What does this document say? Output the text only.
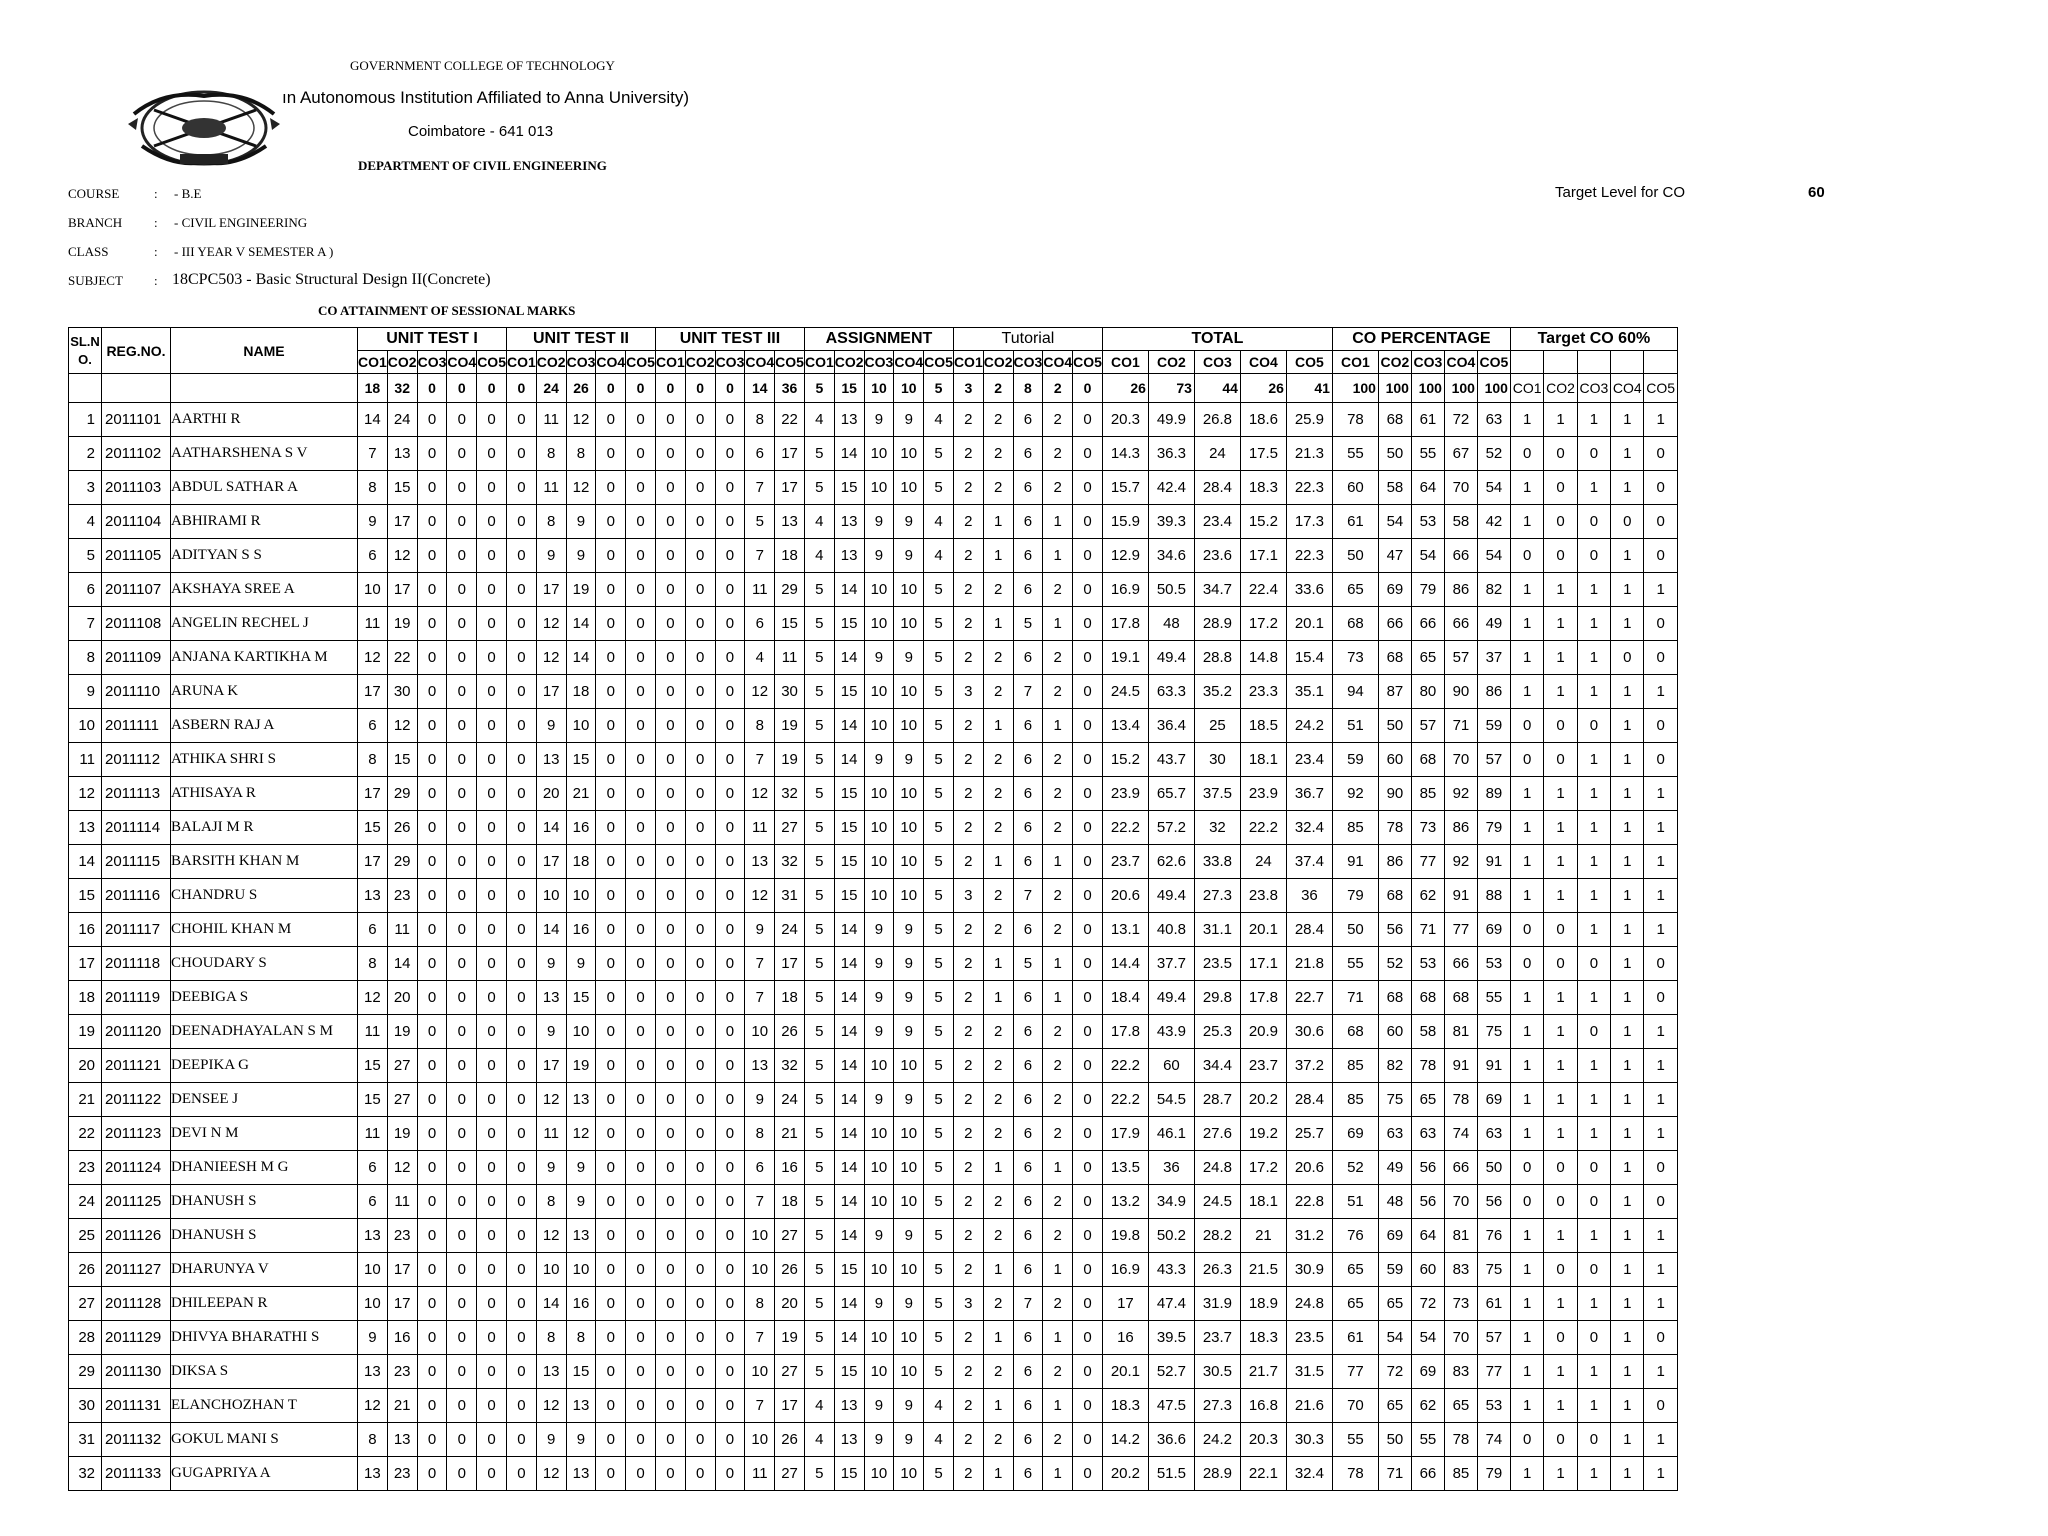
GOVERNMENT COLLEGE OF TECHNOLOGY
ın Autonomous Institution Affiliated to Anna University)
Coimbatore - 641 013
DEPARTMENT OF CIVIL ENGINEERING
COURSE	: - B.E
BRANCH : - CIVIL ENGINEERING
CLASS	: - III YEAR V SEMESTER A )
SUBJECT : 18CPC503 - Basic Structural Design II(Concrete)
CO ATTAINMENT OF SESSIONAL MARKS
Target Level for CO	60
SL.N O.	REG.NO.	NAME	UNIT TEST I					UNIT TEST II					UNIT TEST III					ASSIGNMENT					Tutorial					TOTAL					CO PERCENTAGE					Target CO 60%				
			CO1	CO2	CO3	CO4	CO5	CO1	CO2	CO3	CO4	CO5	CO1	CO2	CO3	CO4	CO5	CO1	CO2	CO3	CO4	CO5	CO1	CO2	CO3	CO4	CO5	CO1	CO2	CO3	CO4	CO5	CO1	CO2	CO3	CO4	CO5					
			18	32	0	0	0	0	24	26	0	0	0	0	0	14	36	5	15	10	10	5	3	2	8	2	0	26	73	44	26	41	100	100	100	100	100	CO1	CO2	CO3	CO4	CO5
1	2011101	AARTHI R	14	24	0	0	0	0	11	12	0	0	0	0	0	8	22	4	13	9	9	4	2	2	6	2	0	20.3	49.9	26.8	18.6	25.9	78	68	61	72	63	1	1	1	1	1
2	2011102	AATHARSHENA S V	7	13	0	0	0	0	8	8	0	0	0	0	0	6	17	5	14	10	10	5	2	2	6	2	0	14.3	36.3	24	17.5	21.3	55	50	55	67	52	0	0	0	1	0
3	2011103	ABDUL SATHAR A	8	15	0	0	0	0	11	12	0	0	0	0	0	7	17	5	15	10	10	5	2	2	6	2	0	15.7	42.4	28.4	18.3	22.3	60	58	64	70	54	1	0	1	1	0
4	2011104	ABHIRAMI R	9	17	0	0	0	0	8	9	0	0	0	0	0	5	13	4	13	9	9	4	2	1	6	1	0	15.9	39.3	23.4	15.2	17.3	61	54	53	58	42	1	0	0	0	0
5	2011105	ADITYAN S S	6	12	0	0	0	0	9	9	0	0	0	0	0	7	18	4	13	9	9	4	2	1	6	1	0	12.9	34.6	23.6	17.1	22.3	50	47	54	66	54	0	0	0	1	0
6	2011107	AKSHAYA SREE A	10	17	0	0	0	0	17	19	0	0	0	0	0	11	29	5	14	10	10	5	2	2	6	2	0	16.9	50.5	34.7	22.4	33.6	65	69	79	86	82	1	1	1	1	1
7	2011108	ANGELIN RECHEL J	11	19	0	0	0	0	12	14	0	0	0	0	0	6	15	5	15	10	10	5	2	1	5	1	0	17.8	48	28.9	17.2	20.1	68	66	66	66	49	1	1	1	1	0
8	2011109	ANJANA KARTIKHA M	12	22	0	0	0	0	12	14	0	0	0	0	0	4	11	5	14	9	9	5	2	2	6	2	0	19.1	49.4	28.8	14.8	15.4	73	68	65	57	37	1	1	1	0	0
9	2011110	ARUNA K	17	30	0	0	0	0	17	18	0	0	0	0	0	12	30	5	15	10	10	5	3	2	7	2	0	24.5	63.3	35.2	23.3	35.1	94	87	80	90	86	1	1	1	1	1
10	2011111	ASBERN RAJ A	6	12	0	0	0	0	9	10	0	0	0	0	0	8	19	5	14	10	10	5	2	1	6	1	0	13.4	36.4	25	18.5	24.2	51	50	57	71	59	0	0	0	1	0
11	2011112	ATHIKA SHRI S	8	15	0	0	0	0	13	15	0	0	0	0	0	7	19	5	14	9	9	5	2	2	6	2	0	15.2	43.7	30	18.1	23.4	59	60	68	70	57	0	0	1	1	0
12	2011113	ATHISAYA R	17	29	0	0	0	0	20	21	0	0	0	0	0	12	32	5	15	10	10	5	2	2	6	2	0	23.9	65.7	37.5	23.9	36.7	92	90	85	92	89	1	1	1	1	1
13	2011114	BALAJI M R	15	26	0	0	0	0	14	16	0	0	0	0	0	11	27	5	15	10	10	5	2	2	6	2	0	22.2	57.2	32	22.2	32.4	85	78	73	86	79	1	1	1	1	1
14	2011115	BARSITH KHAN M	17	29	0	0	0	0	17	18	0	0	0	0	0	13	32	5	15	10	10	5	2	1	6	1	0	23.7	62.6	33.8	24	37.4	91	86	77	92	91	1	1	1	1	1
15	2011116	CHANDRU S	13	23	0	0	0	0	10	10	0	0	0	0	0	12	31	5	15	10	10	5	3	2	7	2	0	20.6	49.4	27.3	23.8	36	79	68	62	91	88	1	1	1	1	1
16	2011117	CHOHIL KHAN M	6	11	0	0	0	0	14	16	0	0	0	0	0	9	24	5	14	9	9	5	2	2	6	2	0	13.1	40.8	31.1	20.1	28.4	50	56	71	77	69	0	0	1	1	1
17	2011118	CHOUDARY S	8	14	0	0	0	0	9	9	0	0	0	0	0	7	17	5	14	9	9	5	2	1	5	1	0	14.4	37.7	23.5	17.1	21.8	55	52	53	66	53	0	0	0	1	0
18	2011119	DEEBIGA S	12	20	0	0	0	0	13	15	0	0	0	0	0	7	18	5	14	9	9	5	2	1	6	1	0	18.4	49.4	29.8	17.8	22.7	71	68	68	68	55	1	1	1	1	0
19	2011120	DEENADHAYALAN S M	11	19	0	0	0	0	9	10	0	0	0	0	0	10	26	5	14	9	9	5	2	2	6	2	0	17.8	43.9	25.3	20.9	30.6	68	60	58	81	75	1	1	0	1	1
20	2011121	DEEPIKA G	15	27	0	0	0	0	17	19	0	0	0	0	0	13	32	5	14	10	10	5	2	2	6	2	0	22.2	60	34.4	23.7	37.2	85	82	78	91	91	1	1	1	1	1
21	2011122	DENSEE J	15	27	0	0	0	0	12	13	0	0	0	0	0	9	24	5	14	9	9	5	2	2	6	2	0	22.2	54.5	28.7	20.2	28.4	85	75	65	78	69	1	1	1	1	1
22	2011123	DEVI N M	11	19	0	0	0	0	11	12	0	0	0	0	0	8	21	5	14	10	10	5	2	2	6	2	0	17.9	46.1	27.6	19.2	25.7	69	63	63	74	63	1	1	1	1	1
23	2011124	DHANIEESH M G	6	12	0	0	0	0	9	9	0	0	0	0	0	6	16	5	14	10	10	5	2	1	6	1	0	13.5	36	24.8	17.2	20.6	52	49	56	66	50	0	0	0	1	0
24	2011125	DHANUSH S	6	11	0	0	0	0	8	9	0	0	0	0	0	7	18	5	14	10	10	5	2	2	6	2	0	13.2	34.9	24.5	18.1	22.8	51	48	56	70	56	0	0	0	1	0
25	2011126	DHANUSH S	13	23	0	0	0	0	12	13	0	0	0	0	0	10	27	5	14	9	9	5	2	2	6	2	0	19.8	50.2	28.2	21	31.2	76	69	64	81	76	1	1	1	1	1
26	2011127	DHARUNYA V	10	17	0	0	0	0	10	10	0	0	0	0	0	10	26	5	15	10	10	5	2	1	6	1	0	16.9	43.3	26.3	21.5	30.9	65	59	60	83	75	1	0	0	1	1
27	2011128	DHILEEPAN R	10	17	0	0	0	0	14	16	0	0	0	0	0	8	20	5	14	9	9	5	3	2	7	2	0	17	47.4	31.9	18.9	24.8	65	65	72	73	61	1	1	1	1	1
28	2011129	DHIVYA BHARATHI S	9	16	0	0	0	0	8	8	0	0	0	0	0	7	19	5	14	10	10	5	2	1	6	1	0	16	39.5	23.7	18.3	23.5	61	54	54	70	57	1	0	0	1	0
29	2011130	DIKSA S	13	23	0	0	0	0	13	15	0	0	0	0	0	10	27	5	15	10	10	5	2	2	6	2	0	20.1	52.7	30.5	21.7	31.5	77	72	69	83	77	1	1	1	1	1
30	2011131	ELANCHOZHAN T	12	21	0	0	0	0	12	13	0	0	0	0	0	7	17	4	13	9	9	4	2	1	6	1	0	18.3	47.5	27.3	16.8	21.6	70	65	62	65	53	1	1	1	1	0
31	2011132	GOKUL MANI S	8	13	0	0	0	0	9	9	0	0	0	0	0	10	26	4	13	9	9	4	2	2	6	2	0	14.2	36.6	24.2	20.3	30.3	55	50	55	78	74	0	0	0	1	1
32	2011133	GUGAPRIYA A	13	23	0	0	0	0	12	13	0	0	0	0	0	11	27	5	15	10	10	5	2	1	6	1	0	20.2	51.5	28.9	22.1	32.4	78	71	66	85	79	1	1	1	1	1
